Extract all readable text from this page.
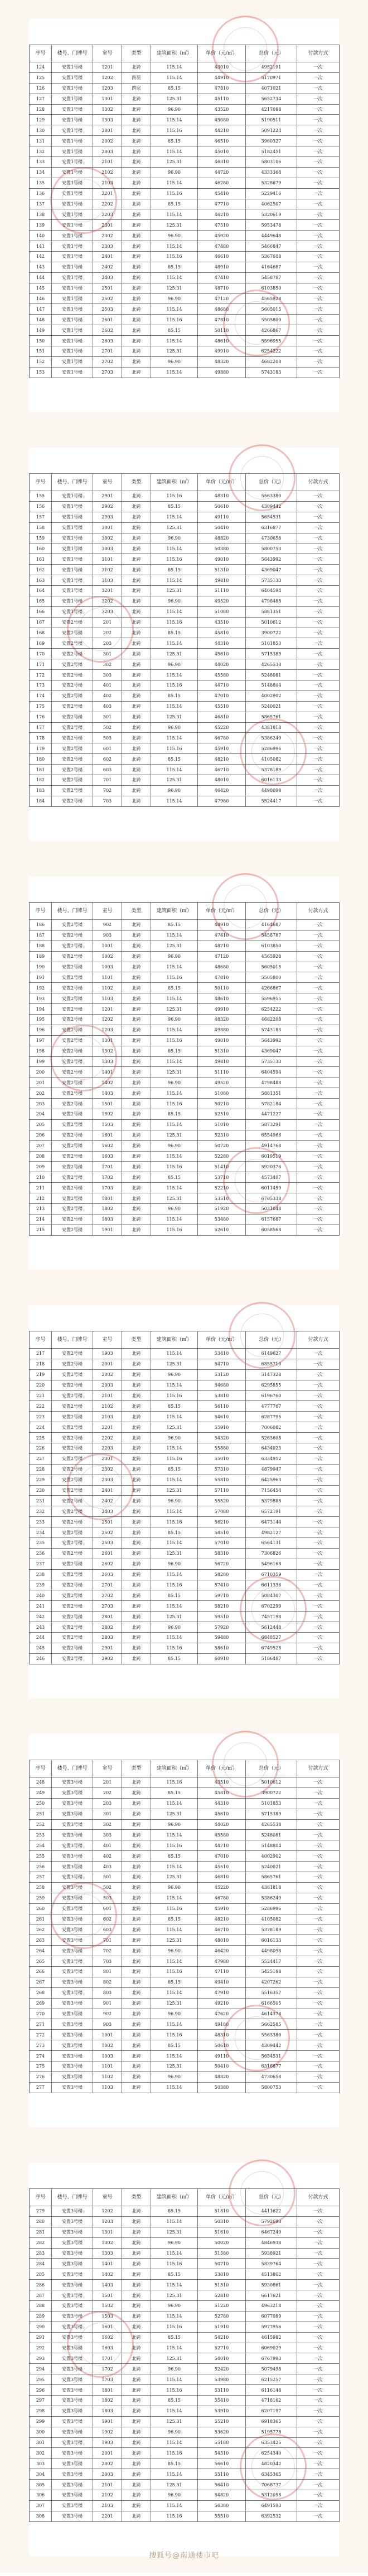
序号	楼号、门牌号	室号	类型	建筑面积（㎡）	单价（元/㎡）	总价（元）	付款方式
124	安置1号楼	1201	北跨	115.14	43010	4952191	一次
125	安置1号楼	1202	跨层	115.14	44910	5170971	一次
126	安置1号楼	1203	跨层	85.15	47810	4071021	一次
127	安置1号楼	1301	北跨	125.31	45110	5652734	一次
128	安置1号楼	1302	北跨	96.90	43520	4217088	一次
129	安置1号楼	1303	北跨	115.14	45080	5190511	一次
130	安置1号楼	2001	北跨	115.16	44210	5091224	一次
131	安置1号楼	2002	北跨	85.15	46510	3960327	一次
132	安置1号楼	2003	北跨	115.14	45010	5182451	一次
133	安置1号楼	2101	北跨	125.31	46310	5803106	一次
134	安置1号楼	2102	北跨	96.90	44720	4333368	一次
135	安置1号楼	2103	北跨	115.14	46280	5328679	一次
136	安置1号楼	2201	北跨	115.16	45410	5229416	一次
137	安置1号楼	2202	北跨	85.15	47710	4062507	一次
138	安置1号楼	2203	北跨	115.14	46210	5320619	一次
139	安置1号楼	2301	北跨	125.31	47510	5953478	一次
140	安置1号楼	2302	北跨	96.90	45920	4449648	一次
141	安置1号楼	2303	北跨	115.14	47480	5466847	一次
142	安置1号楼	2401	北跨	115.16	46610	5367608	一次
143	安置1号楼	2402	北跨	85.15	48910	4164687	一次
144	安置1号楼	2403	北跨	115.14	47410	5458787	一次
145	安置1号楼	2501	北跨	125.31	48710	6103850	一次
146	安置1号楼	2502	北跨	96.90	47120	4565928	一次
147	安置1号楼	2503	北跨	115.14	48680	5605015	一次
148	安置1号楼	2601	北跨	115.16	47810	5505800	一次
149	安置1号楼	2602	北跨	85.15	50110	4266867	一次
150	安置1号楼	2603	北跨	115.14	48610	5596955	一次
151	安置1号楼	2701	北跨	125.31	49910	6254222	一次
152	安置1号楼	2702	北跨	96.90	48320	4682208	一次
153	安置1号楼	2703	北跨	115.14	49880	5743183	一次
序号	楼号、门牌号	室号	类型	建筑面积（㎡）	单价（元/㎡）	总价（元）	付款方式
155	安置1号楼	2901	北跨	115.16	48310	5563380	一次
156	安置1号楼	2902	北跨	85.15	50610	4309442	一次
157	安置1号楼	2903	北跨	115.14	49110	5654531	一次
158	安置1号楼	3001	北跨	125.31	50410	6316877	一次
159	安置1号楼	3002	北跨	96.90	48820	4730658	一次
160	安置1号楼	3003	北跨	115.14	50380	5800753	一次
161	安置1号楼	3101	北跨	115.16	49010	5643992	一次
162	安置1号楼	3102	北跨	85.15	51310	4369047	一次
163	安置1号楼	3103	北跨	115.14	49810	5735133	一次
164	安置1号楼	3201	北跨	125.31	51110	6404594	一次
165	安置1号楼	3202	北跨	96.90	49520	4798488	一次
166	安置1号楼	3203	北跨	115.14	51080	5881351	一次
167	安置2号楼	201	北跨	115.16	43510	5010612	一次
168	安置2号楼	202	北跨	85.15	45810	3900722	一次
169	安置2号楼	203	北跨	115.14	44310	5101853	一次
170	安置2号楼	301	北跨	125.31	45610	5715389	一次
171	安置2号楼	302	北跨	96.90	44020	4265538	一次
172	安置2号楼	303	北跨	115.14	45580	5248081	一次
173	安置2号楼	401	北跨	115.16	44710	5148804	一次
174	安置2号楼	402	北跨	85.15	47010	4002902	一次
175	安置2号楼	403	北跨	115.14	45510	5240021	一次
176	安置2号楼	501	北跨	125.31	46810	5865761	一次
177	安置2号楼	502	北跨	96.90	45220	4381818	一次
178	安置2号楼	503	北跨	115.14	46780	5386249	一次
179	安置2号楼	601	北跨	115.16	45910	5286996	一次
180	安置2号楼	602	北跨	85.15	48210	4105082	一次
181	安置2号楼	603	北跨	115.14	46710	5378189	一次
182	安置2号楼	701	北跨	125.31	48010	6016133	一次
183	安置2号楼	702	北跨	96.90	46420	4498098	一次
184	安置2号楼	703	北跨	115.14	47980	5524417	一次
序号	楼号、门牌号	室号	类型	建筑面积（㎡）	单价（元/㎡）	总价（元）	付款方式
186	安置2号楼	902	北跨	85.15	48910	4164687	一次
187	安置2号楼	903	北跨	115.14	47410	5458787	一次
188	安置2号楼	1001	北跨	125.31	48710	6103850	一次
189	安置2号楼	1002	北跨	96.90	47120	4565928	一次
190	安置2号楼	1003	北跨	115.14	48680	5605015	一次
191	安置2号楼	1101	北跨	115.16	47810	5505800	一次
192	安置2号楼	1102	北跨	85.15	50110	4266867	一次
193	安置2号楼	1103	北跨	115.14	48610	5596955	一次
194	安置2号楼	1201	北跨	125.31	49910	6254222	一次
195	安置2号楼	1202	北跨	96.90	48320	4682208	一次
196	安置2号楼	1203	北跨	115.14	49880	5743183	一次
197	安置2号楼	1301	北跨	115.16	49010	5643992	一次
198	安置2号楼	1302	北跨	85.15	51310	4369047	一次
199	安置2号楼	1303	北跨	115.14	49810	5735133	一次
200	安置2号楼	1401	北跨	125.31	51110	6404594	一次
201	安置2号楼	1402	北跨	96.90	49520	4798488	一次
202	安置2号楼	1403	北跨	115.14	51080	5881351	一次
203	安置2号楼	1501	北跨	115.16	50210	5782184	一次
204	安置2号楼	1502	北跨	85.15	52510	4471227	一次
205	安置2号楼	1503	北跨	115.14	51010	5873291	一次
206	安置2号楼	1601	北跨	125.31	52310	6554966	一次
207	安置2号楼	1602	北跨	96.90	50720	4914768	一次
208	安置2号楼	1603	北跨	115.14	52280	6019519	一次
209	安置2号楼	1701	北跨	115.16	51410	5920376	一次
210	安置2号楼	1702	北跨	85.15	53710	4573407	一次
211	安置2号楼	1703	北跨	115.14	52210	6011459	一次
212	安置2号楼	1801	北跨	125.31	53510	6705338	一次
213	安置2号楼	1802	北跨	96.90	51920	5031048	一次
214	安置2号楼	1803	北跨	115.14	53480	6157687	一次
215	安置2号楼	1901	北跨	115.16	52610	6058568	一次
序号	楼号、门牌号	室号	类型	建筑面积（㎡）	单价（元/㎡）	总价（元）	付款方式
217	安置2号楼	1903	北跨	115.14	53410	6149627	一次
218	安置2号楼	2001	北跨	125.31	54710	6855710	一次
219	安置2号楼	2002	北跨	96.90	53120	5147328	一次
220	安置2号楼	2003	北跨	115.14	54680	6295855	一次
221	安置2号楼	2101	北跨	115.16	53810	6196760	一次
222	安置2号楼	2102	北跨	85.15	56110	4777767	一次
223	安置2号楼	2103	北跨	115.14	54610	6287795	一次
224	安置2号楼	2201	北跨	125.31	55910	7006082	一次
225	安置2号楼	2202	北跨	96.90	54320	5263608	一次
226	安置2号楼	2203	北跨	115.14	55880	6434023	一次
227	安置2号楼	2301	北跨	115.16	55010	6334952	一次
228	安置2号楼	2302	北跨	85.15	57310	4879947	一次
229	安置2号楼	2303	北跨	115.14	55810	6425963	一次
230	安置2号楼	2401	北跨	125.31	57110	7156454	一次
231	安置2号楼	2402	北跨	96.90	55520	5379888	一次
232	安置2号楼	2403	北跨	115.14	57080	6572191	一次
233	安置2号楼	2501	北跨	115.16	56210	6473144	一次
234	安置2号楼	2502	北跨	85.15	58510	4982127	一次
235	安置2号楼	2503	北跨	115.14	57010	6564131	一次
236	安置2号楼	2601	北跨	125.31	58310	7306826	一次
237	安置2号楼	2602	北跨	96.90	56720	5496168	一次
238	安置2号楼	2603	北跨	115.14	58280	6710359	一次
239	安置2号楼	2701	北跨	115.16	57410	6611336	一次
240	安置2号楼	2702	北跨	85.15	59710	5084307	一次
241	安置2号楼	2703	北跨	115.14	58210	6702299	一次
242	安置2号楼	2801	北跨	125.31	59510	7457198	一次
243	安置2号楼	2802	北跨	96.90	57920	5612448	一次
244	安置2号楼	2803	北跨	115.14	59480	6848527	一次
245	安置2号楼	2901	北跨	115.16	58610	6749528	一次
246	安置2号楼	2902	北跨	85.15	60910	5186487	一次
序号	楼号、门牌号	室号	类型	建筑面积（㎡）	单价（元/㎡）	总价（元）	付款方式
248	安置3号楼	201	北跨	115.16	43510	5010612	一次
249	安置3号楼	202	北跨	85.15	45810	3900722	一次
250	安置3号楼	203	北跨	115.14	44310	5101853	一次
251	安置3号楼	301	北跨	125.31	45610	5715389	一次
252	安置3号楼	302	北跨	96.90	44020	4265538	一次
253	安置3号楼	303	北跨	115.14	45580	5248081	一次
254	安置3号楼	401	北跨	115.16	44710	5148804	一次
255	安置3号楼	402	北跨	85.15	47010	4002902	一次
256	安置3号楼	403	北跨	115.14	45510	5240021	一次
257	安置3号楼	501	北跨	125.31	46810	5865761	一次
258	安置3号楼	502	北跨	96.90	45220	4381818	一次
259	安置3号楼	503	北跨	115.14	46780	5386249	一次
260	安置3号楼	601	北跨	115.16	45910	5286996	一次
261	安置3号楼	602	北跨	85.15	48210	4105082	一次
262	安置3号楼	603	北跨	115.14	46710	5378189	一次
263	安置3号楼	701	北跨	125.31	48010	6016133	一次
264	安置3号楼	702	北跨	96.90	46420	4498098	一次
265	安置3号楼	703	北跨	115.14	47980	5524417	一次
266	安置3号楼	801	北跨	115.16	47110	5425188	一次
267	安置3号楼	802	北跨	85.15	49410	4207262	一次
268	安置3号楼	803	北跨	115.14	47910	5516357	一次
269	安置3号楼	901	北跨	125.31	49210	6166505	一次
270	安置3号楼	902	北跨	96.90	47620	4614378	一次
271	安置3号楼	903	北跨	115.14	49180	5662585	一次
272	安置3号楼	1001	北跨	115.16	48310	5563380	一次
273	安置3号楼	1002	北跨	85.15	50610	4309442	一次
274	安置3号楼	1003	北跨	115.14	49110	5654531	一次
275	安置3号楼	1101	北跨	125.31	50410	6316877	一次
276	安置3号楼	1102	北跨	96.90	48820	4730658	一次
277	安置3号楼	1103	北跨	115.14	50380	5800753	一次
序号	楼号、门牌号	室号	类型	建筑面积（㎡）	单价（元/㎡）	总价（元）	付款方式
279	安置3号楼	1202	北跨	85.15	51810	4411622	一次
280	安置3号楼	1203	北跨	115.14	50310	5792693	一次
281	安置3号楼	1301	北跨	125.31	51610	6467249	一次
282	安置3号楼	1302	北跨	96.90	50020	4846938	一次
283	安置3号楼	1303	北跨	115.14	51580	5938921	一次
284	安置3号楼	1401	北跨	115.16	50710	5839764	一次
285	安置3号楼	1402	北跨	85.15	53010	4513802	一次
286	安置3号楼	1403	北跨	115.14	51510	5930861	一次
287	安置3号楼	1501	北跨	125.31	52810	6617621	一次
288	安置3号楼	1502	北跨	96.90	51220	4963218	一次
289	安置3号楼	1503	北跨	115.14	52780	6077089	一次
290	安置3号楼	1601	北跨	115.16	51910	5977956	一次
291	安置3号楼	1602	北跨	85.15	54210	4615982	一次
292	安置3号楼	1603	北跨	115.14	52710	6069029	一次
293	安置3号楼	1701	北跨	125.31	54010	6767993	一次
294	安置3号楼	1702	北跨	96.90	52420	5079498	一次
295	安置3号楼	1703	北跨	115.14	53980	6215257	一次
296	安置3号楼	1801	北跨	115.16	53110	6116148	一次
297	安置3号楼	1802	北跨	85.15	55410	4718162	一次
298	安置3号楼	1803	北跨	115.14	53910	6207197	一次
299	安置3号楼	1901	北跨	125.31	55210	6918365	一次
300	安置3号楼	1902	北跨	96.90	53620	5195778	一次
301	安置3号楼	1903	北跨	115.14	55180	6353425	一次
302	安置3号楼	2001	北跨	115.16	54310	6254340	一次
303	安置3号楼	2002	北跨	85.15	56610	4820342	一次
304	安置3号楼	2003	北跨	115.14	55110	6345365	一次
305	安置3号楼	2101	北跨	125.31	56410	7068737	一次
306	安置3号楼	2102	北跨	96.90	54820	5312058	一次
307	安置3号楼	2103	北跨	115.14	56380	6491593	一次
308	安置3号楼	2201	北跨	115.16	55510	6392532	一次
搜狐号@南通楼市吧
